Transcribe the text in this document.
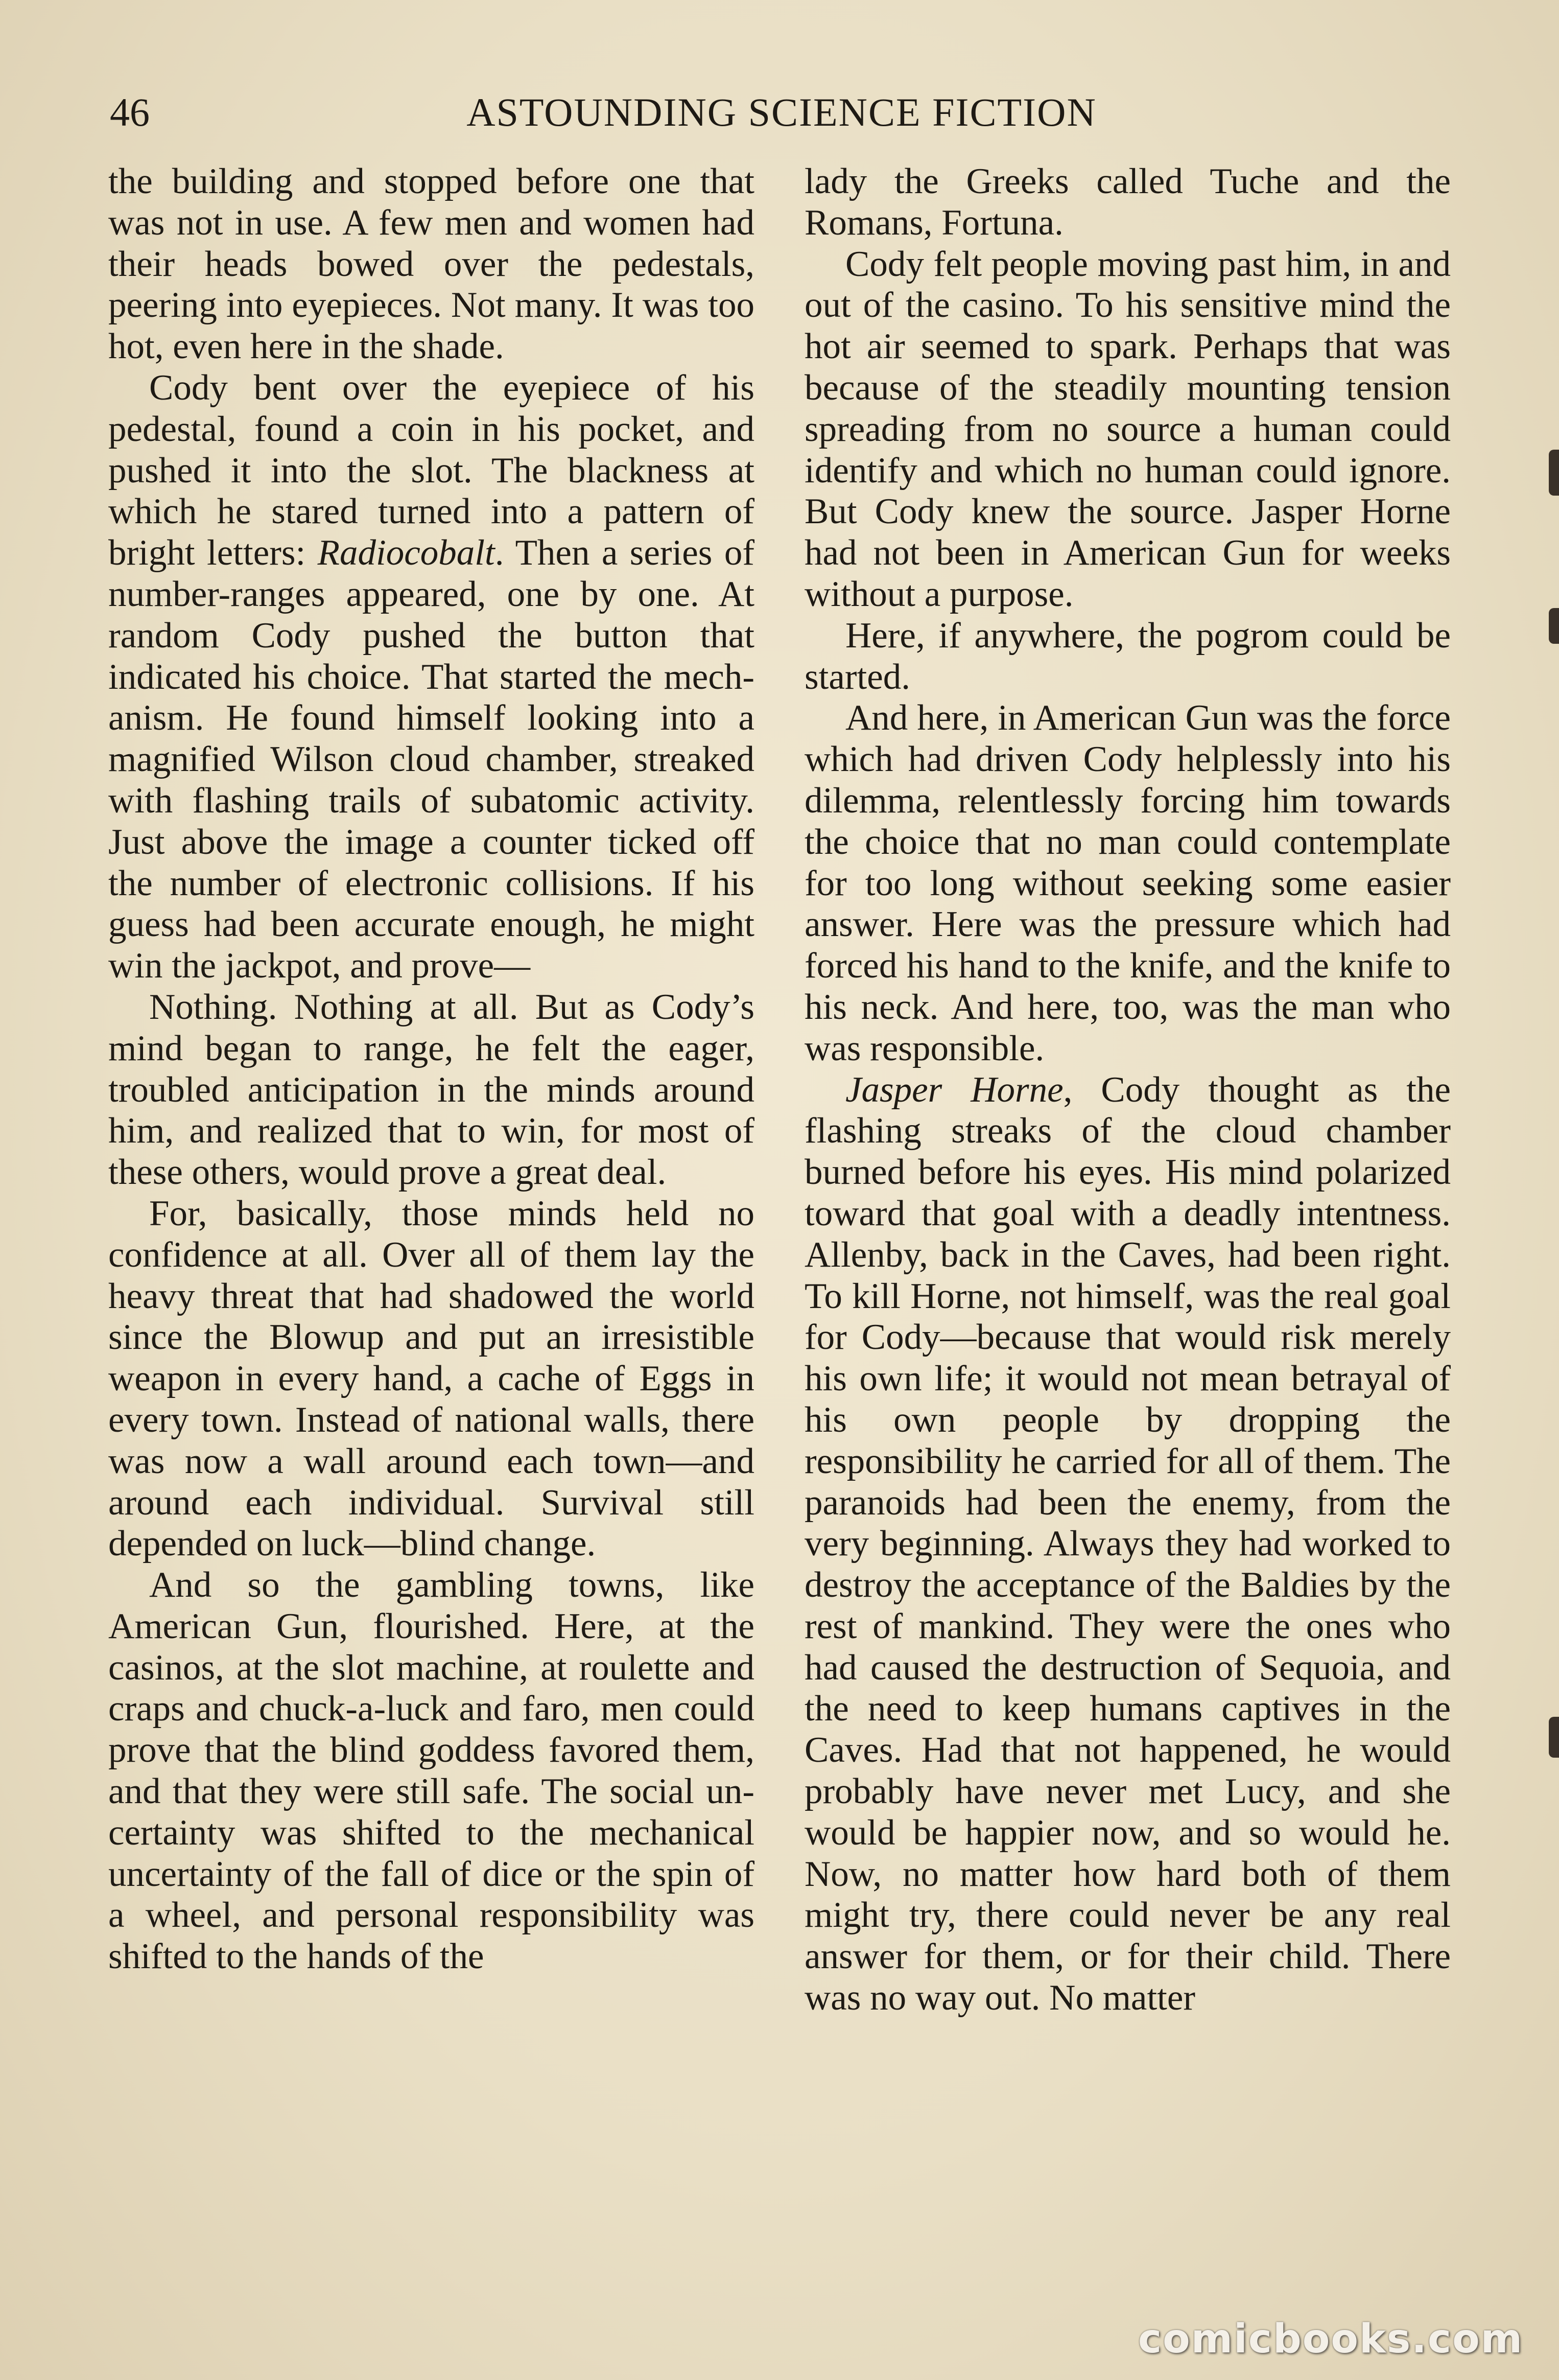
46	ASTOUNDING SCIENCE FICTION

the building and stopped before one that was not in use. A few men and women had their heads bowed over the pedestals, peering into eyepieces. Not many. It was too hot, even here in the shade.

Cody bent over the eyepiece of his pedestal, found a coin in his pocket, and pushed it into the slot. The blackness at which he stared turned into a pattern of bright letters: Radiocobalt. Then a series of number-ranges appeared, one by one. At random Cody pushed the button that indicated his choice. That started the mechanism. He found himself looking into a magnified Wilson cloud chamber, streaked with flashing trails of subatomic activity. Just above the image a counter ticked off the number of electronic collisions. If his guess had been accurate enough, he might win the jackpot, and prove—

Nothing. Nothing at all. But as Cody’s mind began to range, he felt the eager, troubled anticipation in the minds around him, and realized that to win, for most of these others, would prove a great deal.

For, basically, those minds held no confidence at all. Over all of them lay the heavy threat that had shadowed the world since the Blowup and put an irresistible weapon in every hand, a cache of Eggs in every town. Instead of national walls, there was now a wall around each town—and around each individual. Survival still depended on luck—blind change.

And so the gambling towns, like American Gun, flourished. Here, at the casinos, at the slot machine, at roulette and craps and chuck-a-luck and faro, men could prove that the blind goddess favored them, and that they were still safe. The social uncertainty was shifted to the mechanical uncertainty of the fall of dice or the spin of a wheel, and personal responsibility was shifted to the hands of the

lady the Greeks called Tuche and the Romans, Fortuna.

Cody felt people moving past him, in and out of the casino. To his sensitive mind the hot air seemed to spark. Perhaps that was because of the steadily mounting tension spreading from no source a human could identify and which no human could ignore. But Cody knew the source. Jasper Horne had not been in American Gun for weeks without a purpose.

Here, if anywhere, the pogrom could be started.

And here, in American Gun was the force which had driven Cody helplessly into his dilemma, relentlessly forcing him towards the choice that no man could contemplate for too long without seeking some easier answer. Here was the pressure which had forced his hand to the knife, and the knife to his neck. And here, too, was the man who was responsible.

Jasper Horne, Cody thought as the flashing streaks of the cloud chamber burned before his eyes. His mind polarized toward that goal with a deadly intentness. Allenby, back in the Caves, had been right. To kill Horne, not himself, was the real goal for Cody—because that would risk merely his own life; it would not mean betrayal of his own people by dropping the responsibility he carried for all of them. The paranoids had been the enemy, from the very beginning. Always they had worked to destroy the acceptance of the Baldies by the rest of mankind. They were the ones who had caused the destruction of Sequoia, and the need to keep humans captives in the Caves. Had that not happened, he would probably have never met Lucy, and she would be happier now, and so would he. Now, no matter how hard both of them might try, there could never be any real answer for them, or for their child. There was no way out. No matter

comicbooks.com
